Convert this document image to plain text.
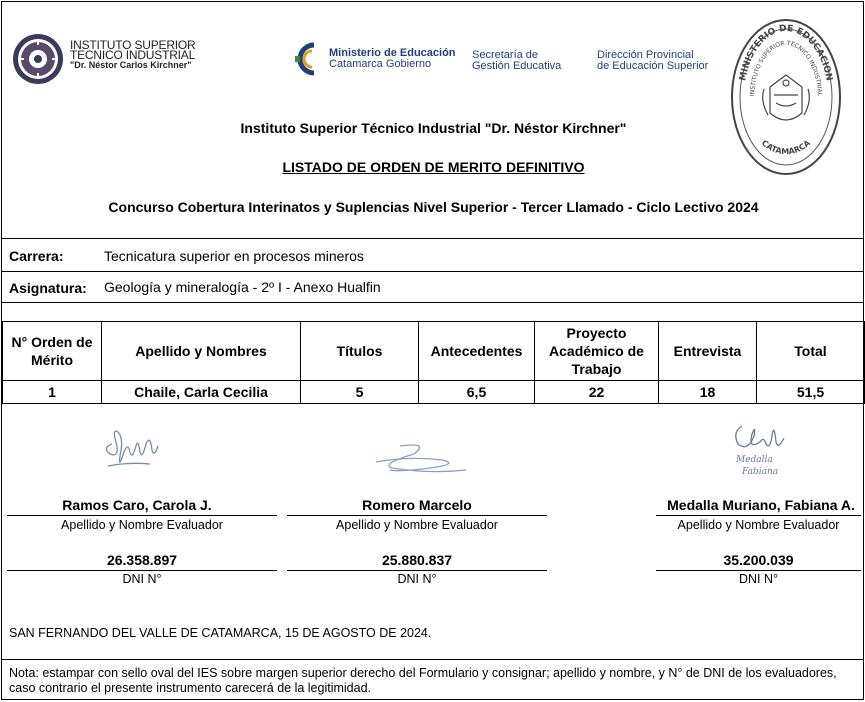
INSTITUTO SUPERIOR
TECNICO INDUSTRIAL
"Dr. Néstor Carlos Kirchner"
Ministerio de Educación
Catamarca Gobierno
Secretaría de
Gestión Educativa
Dirección Provincial
de Educación Superior
MINISTERIO DE EDUCACION
INSTITUTO SUPERIOR TECNICO INDUSTRIAL
CATAMARCA
Instituto Superior Técnico Industrial "Dr. Néstor Kirchner"
LISTADO DE ORDEN DE MERITO DEFINITIVO
Concurso Cobertura Interinatos y Suplencias Nivel Superior - Tercer Llamado - Ciclo Lectivo 2024
Carrera:	Tecnicatura superior en procesos mineros
Asignatura: Geología y mineralogía - 2º I - Anexo Hualfin
N° Orden de Mérito	Apellido y Nombres	Títulos	Antecedentes	Proyecto Académico de Trabajo	Entrevista	Total
1	Chaile, Carla Cecilia	5	6,5	22	18	51,5
Medalla
Fabiana
Ramos Caro, Carola J.
Apellido y Nombre Evaluador
26.358.897
DNI N°
Romero Marcelo
Apellido y Nombre Evaluador
25.880.837
DNI N°
Medalla Muriano, Fabiana A.
Apellido y Nombre Evaluador
35.200.039
DNI N°
SAN FERNANDO DEL VALLE DE CATAMARCA, 15 DE AGOSTO DE 2024.
Nota: estampar con sello oval del IES sobre margen superior derecho del Formulario y consignar; apellido y nombre, y N° de DNI de los evaluadores, caso contrario el presente instrumento carecerá de la legitimidad.
